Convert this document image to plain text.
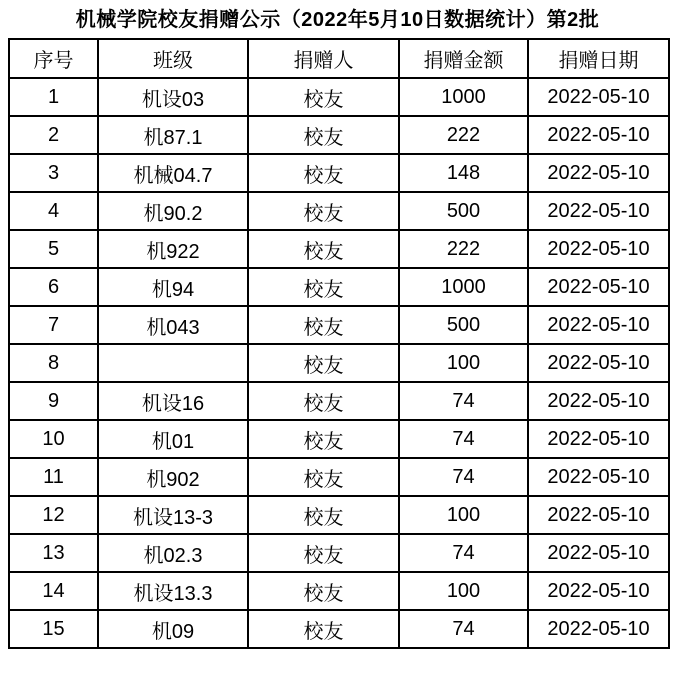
机械学院校友捐赠公示（2022年5月10日数据统计）第2批
序号	班级	捐赠人	捐赠金额	捐赠日期
1	机设03	校友	1000	2022-05-10
2	机87.1	校友	222	2022-05-10
3	机械04.7	校友	148	2022-05-10
4	机90.2	校友	500	2022-05-10
5	机922	校友	222	2022-05-10
6	机94	校友	1000	2022-05-10
7	机043	校友	500	2022-05-10
8		校友	100	2022-05-10
9	机设16	校友	74	2022-05-10
10	机01	校友	74	2022-05-10
11	机902	校友	74	2022-05-10
12	机设13-3	校友	100	2022-05-10
13	机02.3	校友	74	2022-05-10
14	机设13.3	校友	100	2022-05-10
15	机09	校友	74	2022-05-10
